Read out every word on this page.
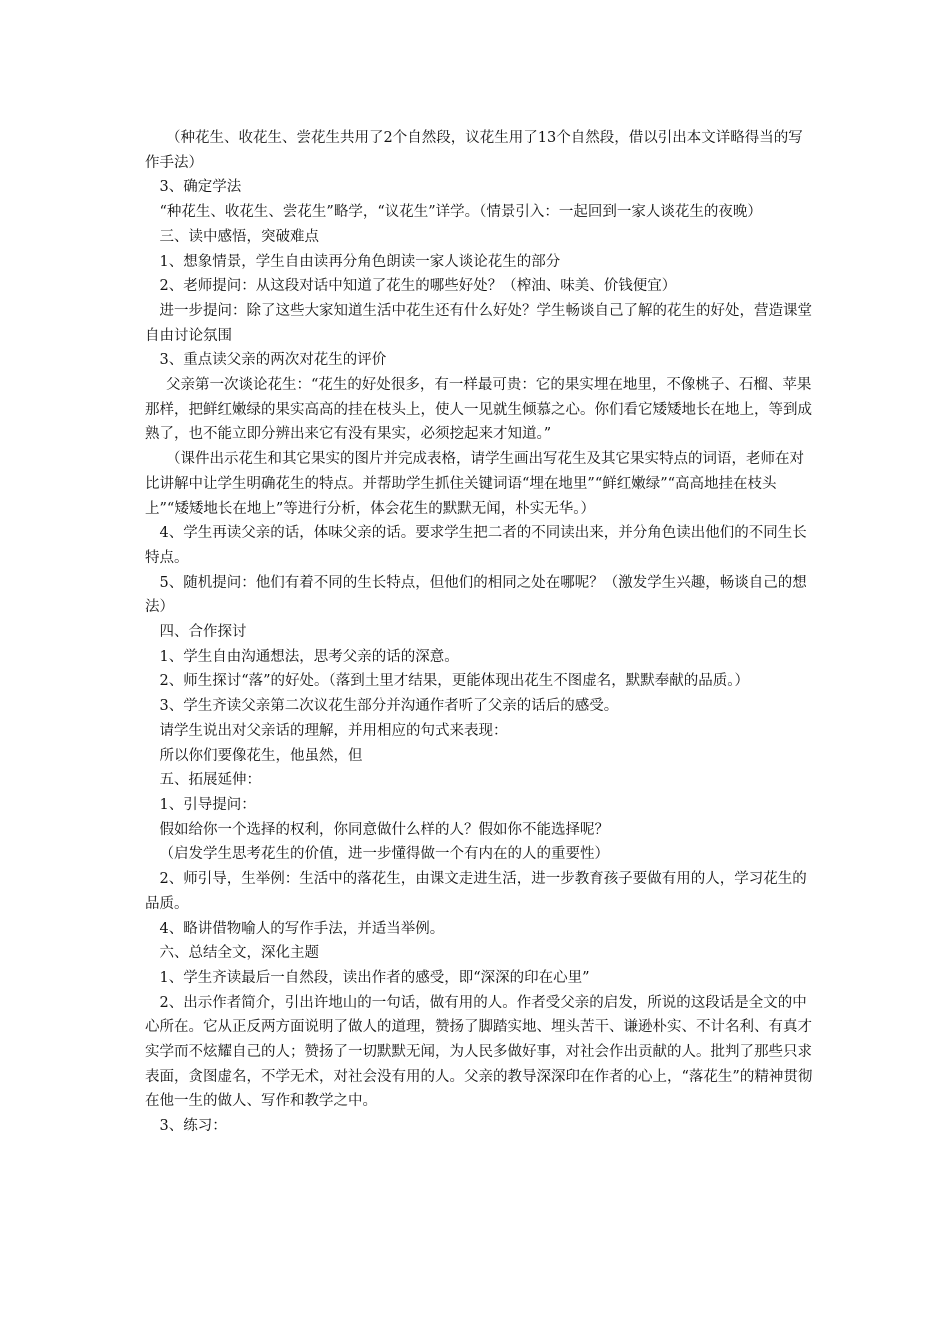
（种花生、收花生、尝花生共用了2个自然段，议花生用了13个自然段，借以引出本文详略得当的写作手法）

3、确定学法

“种花生、收花生、尝花生”略学，“议花生”详学。（情景引入：一起回到一家人谈花生的夜晚）

三、读中感悟，突破难点

1、想象情景，学生自由读再分角色朗读一家人谈论花生的部分

2、老师提问：从这段对话中知道了花生的哪些好处？（榨油、味美、价钱便宜）

进一步提问：除了这些大家知道生活中花生还有什么好处？学生畅谈自己了解的花生的好处，营造课堂自由讨论氛围

3、重点读父亲的两次对花生的评价

父亲第一次谈论花生：“花生的好处很多，有一样最可贵：它的果实埋在地里，不像桃子、石榴、苹果那样，把鲜红嫩绿的果实高高的挂在枝头上，使人一见就生倾慕之心。你们看它矮矮地长在地上，等到成熟了，也不能立即分辨出来它有没有果实，必须挖起来才知道。”

（课件出示花生和其它果实的图片并完成表格，请学生画出写花生及其它果实特点的词语，老师在对比讲解中让学生明确花生的特点。并帮助学生抓住关键词语“埋在地里”“鲜红嫩绿”“高高地挂在枝头上”“矮矮地长在地上”等进行分析，体会花生的默默无闻，朴实无华。）

4、学生再读父亲的话，体味父亲的话。要求学生把二者的不同读出来，并分角色读出他们的不同生长特点。

5、随机提问：他们有着不同的生长特点，但他们的相同之处在哪呢？（激发学生兴趣，畅谈自己的想法）

四、合作探讨

1、学生自由沟通想法，思考父亲的话的深意。

2、师生探讨“落”的好处。（落到土里才结果，更能体现出花生不图虚名，默默奉献的品质。）

3、学生齐读父亲第二次议花生部分并沟通作者听了父亲的话后的感受。

请学生说出对父亲话的理解，并用相应的句式来表现：

所以你们要像花生，他虽然，但

五、拓展延伸：

1、引导提问：

假如给你一个选择的权利，你同意做什么样的人？假如你不能选择呢？

（启发学生思考花生的价值，进一步懂得做一个有内在的人的重要性）

2、师引导，生举例：生活中的落花生，由课文走进生活，进一步教育孩子要做有用的人，学习花生的品质。

4、略讲借物喻人的写作手法，并适当举例。

六、总结全文，深化主题

1、学生齐读最后一自然段，读出作者的感受，即“深深的印在心里”

2、出示作者简介，引出许地山的一句话，做有用的人。作者受父亲的启发，所说的这段话是全文的中心所在。它从正反两方面说明了做人的道理，赞扬了脚踏实地、埋头苦干、谦逊朴实、不计名利、有真才实学而不炫耀自己的人；赞扬了一切默默无闻，为人民多做好事，对社会作出贡献的人。批判了那些只求表面，贪图虚名，不学无术，对社会没有用的人。父亲的教导深深印在作者的心上，“落花生”的精神贯彻在他一生的做人、写作和教学之中。

3、练习：
